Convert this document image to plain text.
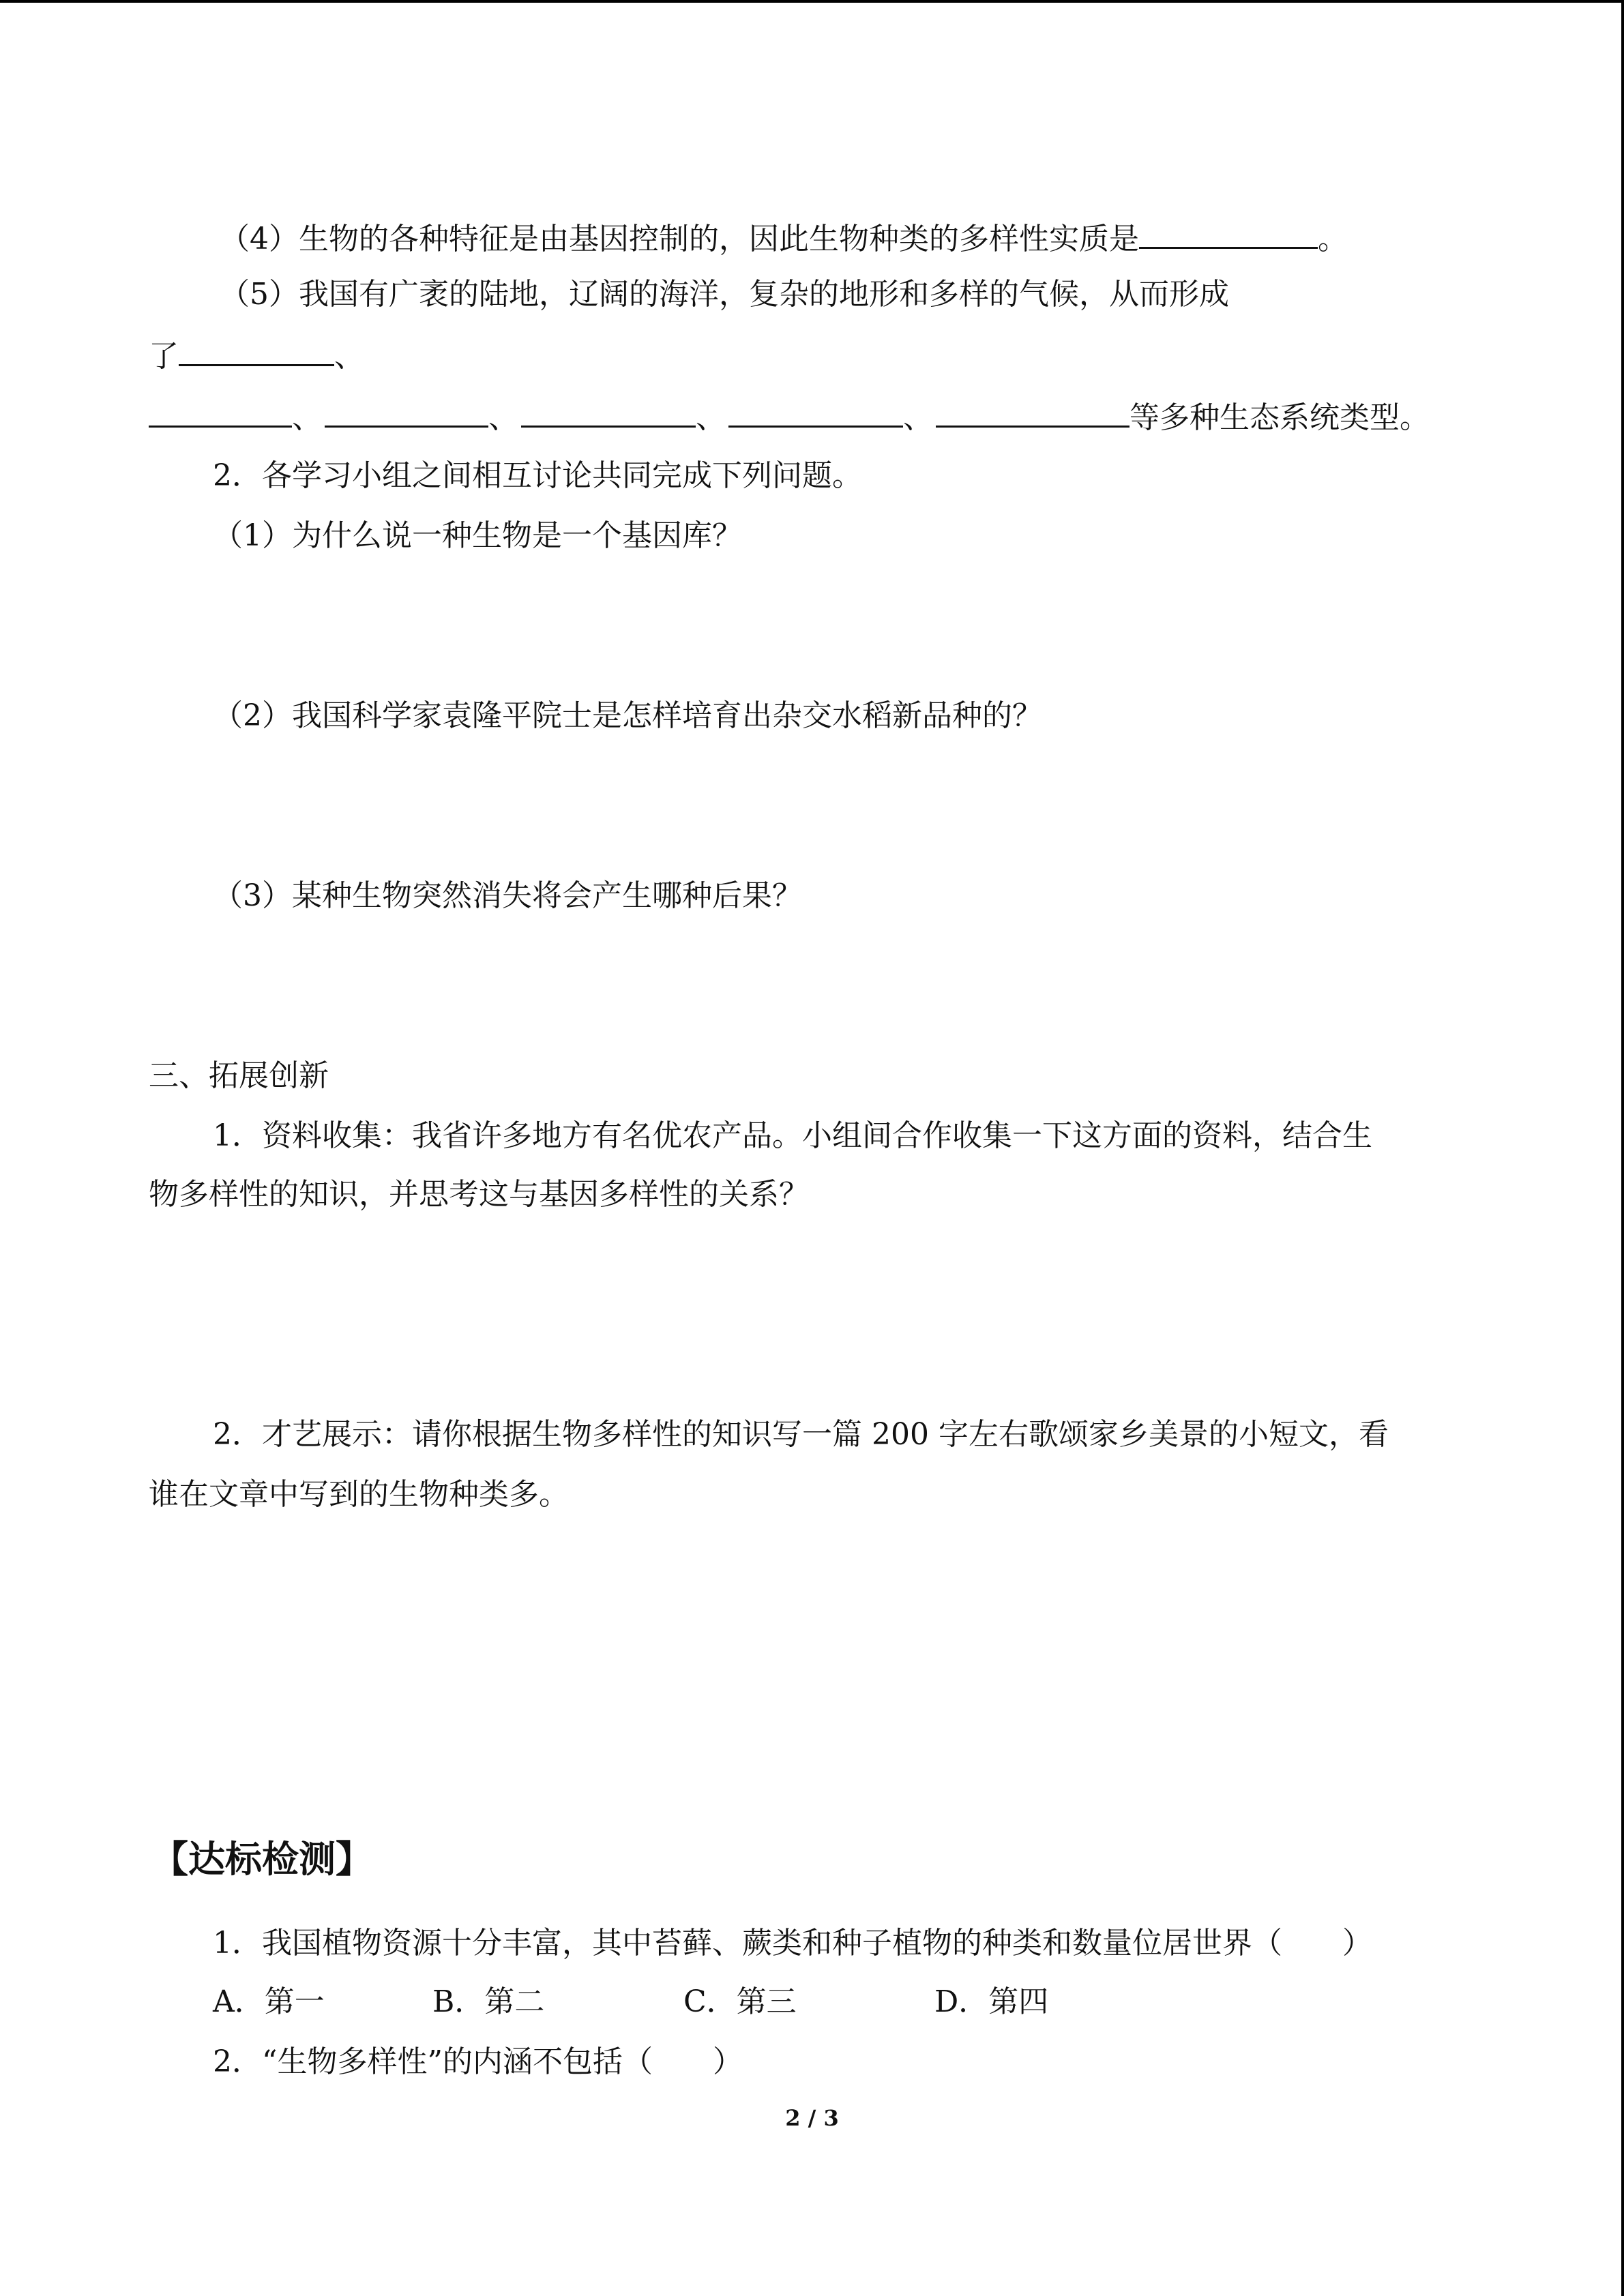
（4）生物的各种特征是由基因控制的，因此生物种类的多样性实质是	。
（5）我国有广袤的陆地，辽阔的海洋，复杂的地形和多样的气候，从而形成
了	、
、	、	、	、	等多种生态系统类型。
2．各学习小组之间相互讨论共同完成下列问题。
（1）为什么说一种生物是一个基因库？
（2）我国科学家袁隆平院士是怎样培育出杂交水稻新品种的？
（3）某种生物突然消失将会产生哪种后果？
三、拓展创新
1．资料收集：我省许多地方有名优农产品。小组间合作收集一下这方面的资料，结合生
物多样性的知识，并思考这与基因多样性的关系？
2．才艺展示：请你根据生物多样性的知识写一篇 200 字左右歌颂家乡美景的小短文，看
谁在文章中写到的生物种类多。
【达标检测】
1．我国植物资源十分丰富，其中苔藓、蕨类和种子植物的种类和数量位居世界（　　）
A．第一	B．第二	C．第三	D．第四
2．“生物多样性”的内涵不包括（　　）
2 / 3
